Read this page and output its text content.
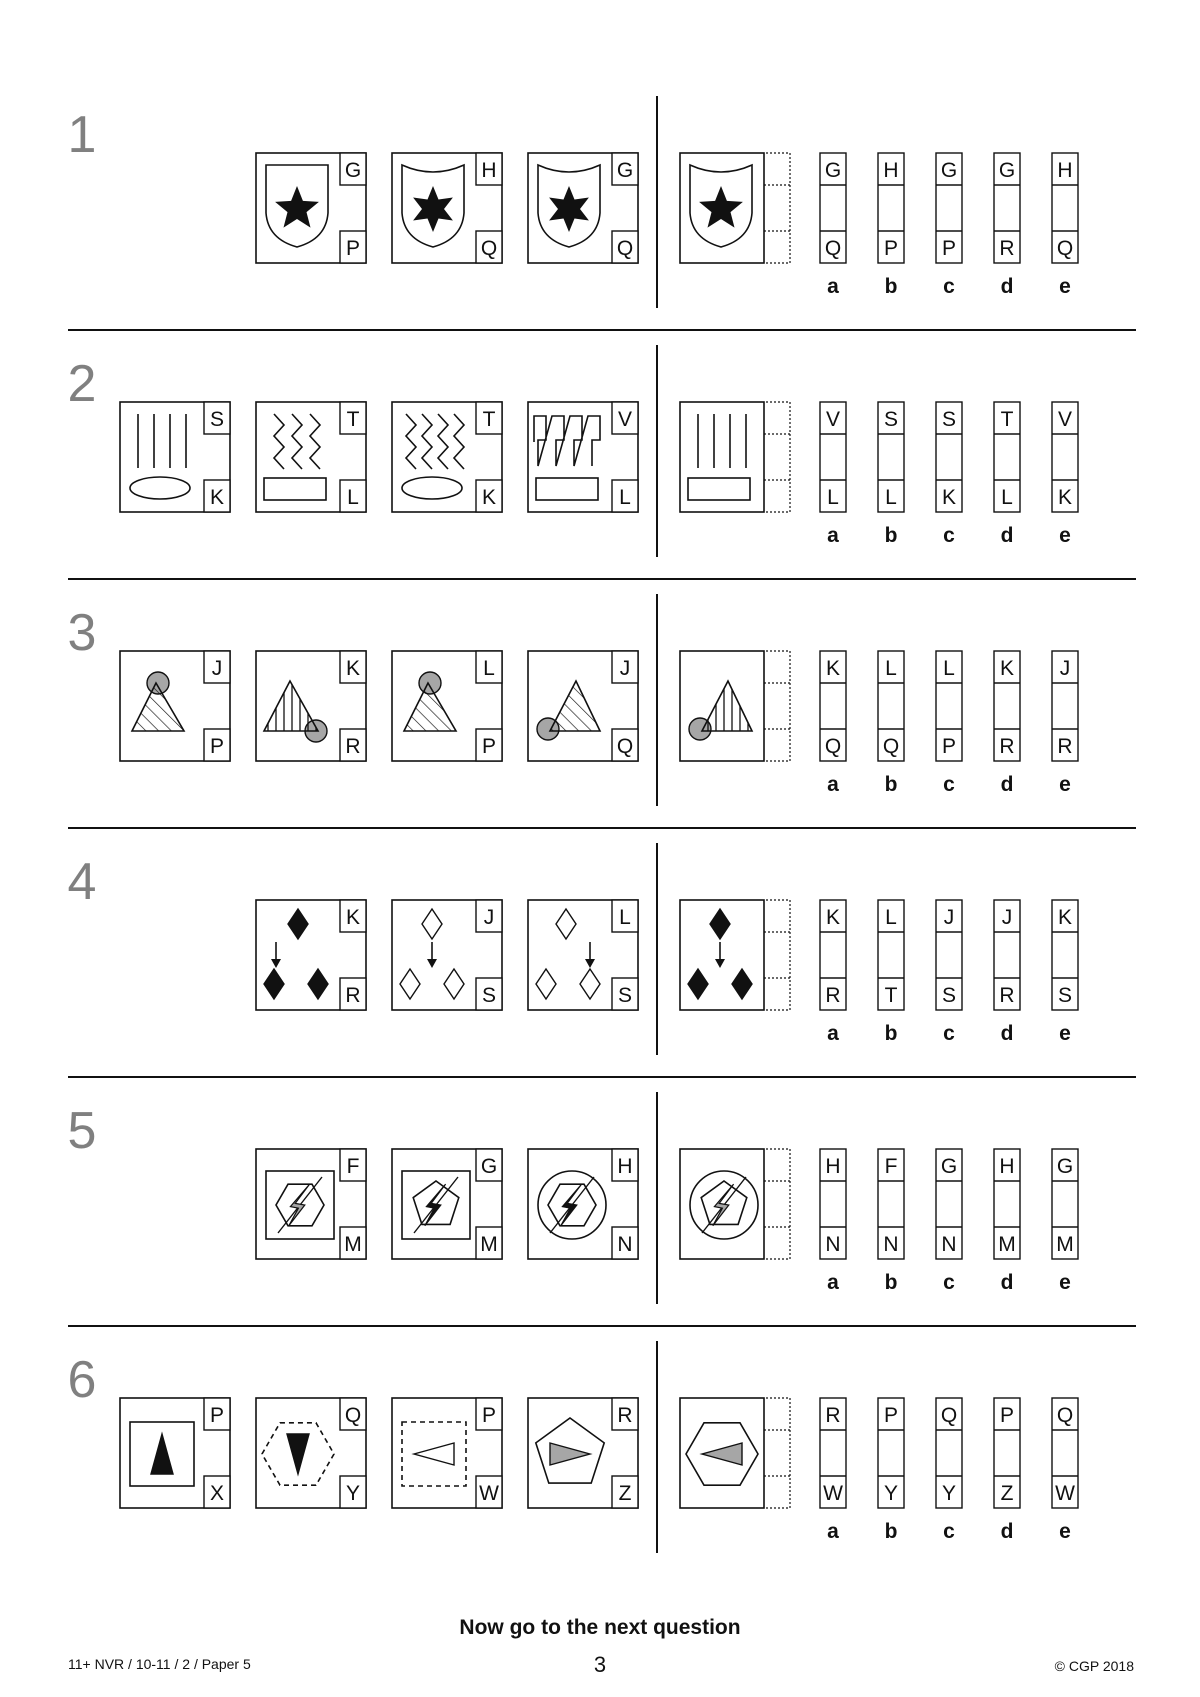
1
G
P
H
Q
G
Q
G
Q
a
H
P
b
G
P
c
G
R
d
H
Q
e
2
S
K
T
L
T
K
V
L
V
L
a
S
L
b
S
K
c
T
L
d
V
K
e
3
J
P
K
R
L
P
J
Q
K
Q
a
L
Q
b
L
P
c
K
R
d
J
R
e
4
K
R
J
S
L
S
K
R
a
L
T
b
J
S
c
J
R
d
K
S
e
5
F
M
G
M
H
N
H
N
a
F
N
b
G
N
c
H
M
d
G
M
e
6
P
X
Q
Y
P
W
R
Z
R
W
a
P
Y
b
Q
Y
c
P
Z
d
Q
W
e
Now go to the next question
11+ NVR / 10-11 / 2 / Paper 5	3	© CGP 2018
